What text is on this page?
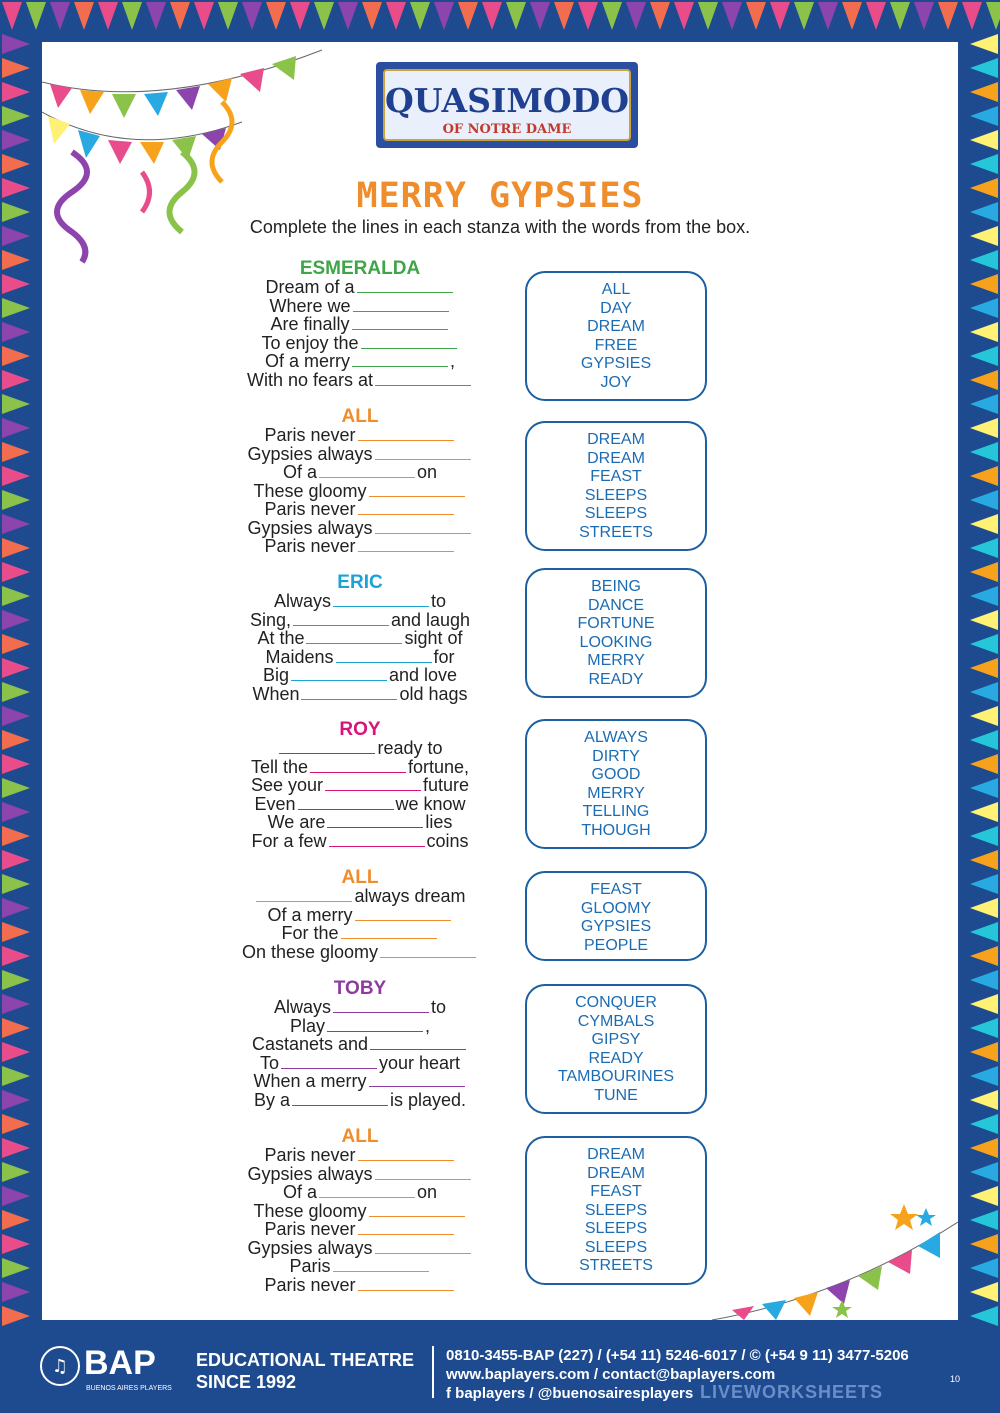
QUASIMODO
OF NOTRE DAME
MERRY GYPSIES
Complete the lines in each stanza with the words from the box.
ESMERALDA
Dream of a
Where we
Are finally
To enjoy the
Of a merry	,
With no fears at
ALL
DAY
DREAM
FREE
GYPSIES
JOY
ALL
Paris never
Gypsies always
Of a	on
These gloomy
Paris never
Gypsies always
Paris never
DREAM
DREAM
FEAST
SLEEPS
SLEEPS
STREETS
ERIC
Always	to
Sing,	and laugh
At the	sight of
Maidens	for
Big	and love
When	old hags
BEING
DANCE
FORTUNE
LOOKING
MERRY
READY
ROY
ready to
Tell the	fortune,
See your	future
Even	we know
We are	lies
For a few	coins
ALWAYS
DIRTY
GOOD
MERRY
TELLING
THOUGH
ALL
always dream
Of a merry
For the
On these gloomy
FEAST
GLOOMY
GYPSIES
PEOPLE
TOBY
Always	to
Play	,
Castanets and
To	your heart
When a merry
By a	is played.
CONQUER
CYMBALS
GIPSY
READY
TAMBOURINES
TUNE
ALL
Paris never
Gypsies always
Of a	on
These gloomy
Paris never
Gypsies always
Paris
Paris never
DREAM
DREAM
FEAST
SLEEPS
SLEEPS
SLEEPS
STREETS
♫ BAP
BUENOS AIRES PLAYERS
EDUCATIONAL THEATRE
SINCE 1992
0810-3455-BAP (227) / (+54 11) 5246-6017 / © (+54 9 11) 3477-5206
www.baplayers.com / contact@baplayers.com
f baplayers / @buenosairesplayers LIVEWORKSHEETS
10
